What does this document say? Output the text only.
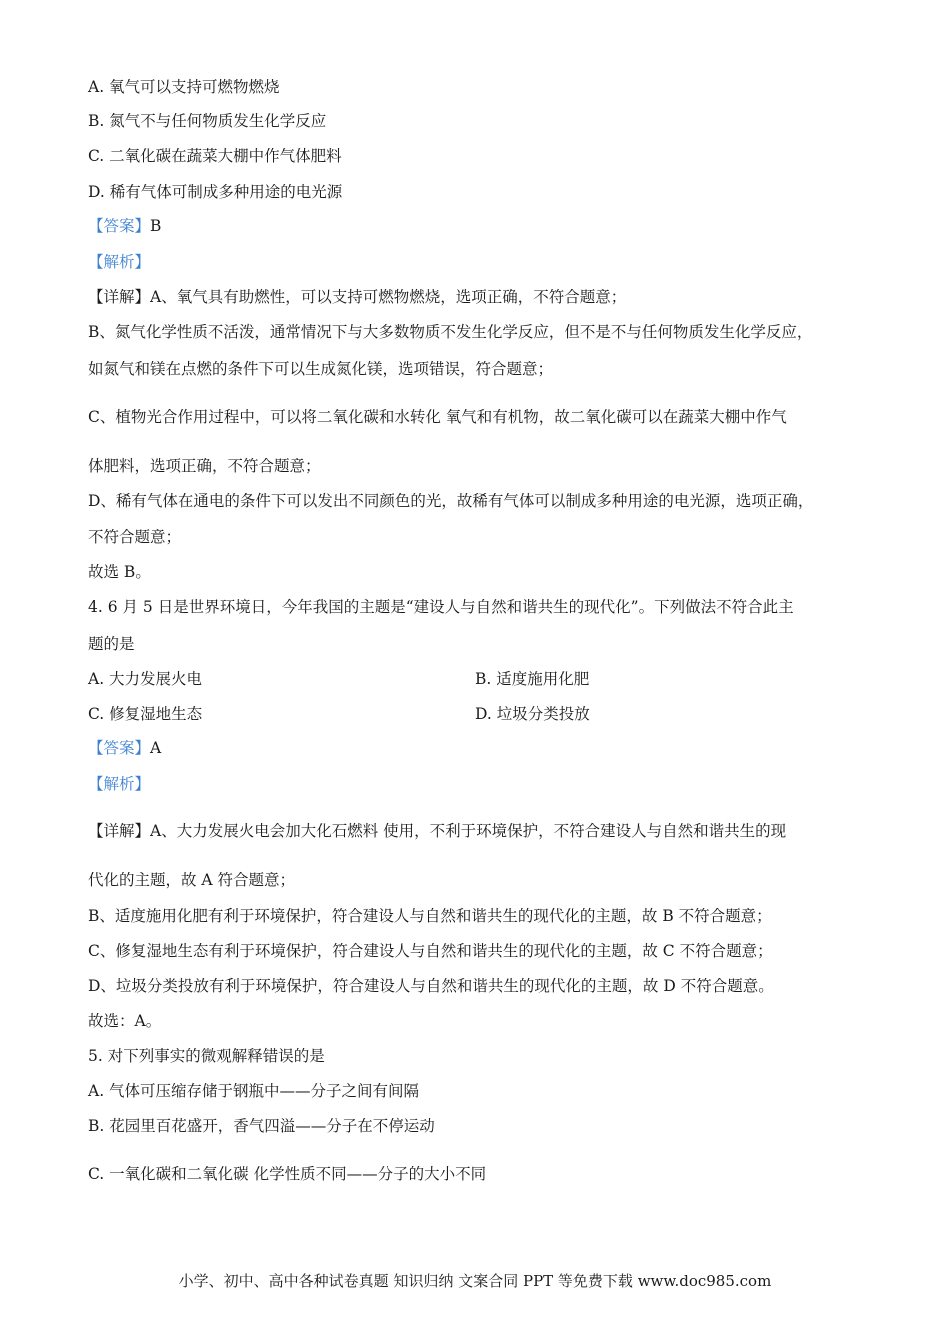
A. 氧气可以支持可燃物燃烧
B. 氮气不与任何物质发生化学反应
C. 二氧化碳在蔬菜大棚中作气体肥料
D. 稀有气体可制成多种用途的电光源
【答案】B
【解析】
【详解】A、氧气具有助燃性，可以支持可燃物燃烧，选项正确，不符合题意；
B、氮气化学性质不活泼，通常情况下与大多数物质不发生化学反应，但不是不与任何物质发生化学反应，
如氮气和镁在点燃的条件下可以生成氮化镁，选项错误，符合题意；
C、植物光合作用过程中，可以将二氧化碳和水转化 氧气和有机物，故二氧化碳可以在蔬菜大棚中作气
体肥料，选项正确，不符合题意；
D、稀有气体在通电的条件下可以发出不同颜色的光，故稀有气体可以制成多种用途的电光源，选项正确，
不符合题意；
故选 B。
4. 6 月 5 日是世界环境日，今年我国的主题是“建设人与自然和谐共生的现代化”。下列做法不符合此主
题的是
A. 大力发展火电	B. 适度施用化肥
C. 修复湿地生态	D. 垃圾分类投放
【答案】A
【解析】
【详解】A、大力发展火电会加大化石燃料 使用，不利于环境保护，不符合建设人与自然和谐共生的现
代化的主题，故 A 符合题意；
B、适度施用化肥有利于环境保护，符合建设人与自然和谐共生的现代化的主题，故 B 不符合题意；
C、修复湿地生态有利于环境保护，符合建设人与自然和谐共生的现代化的主题，故 C 不符合题意；
D、垃圾分类投放有利于环境保护，符合建设人与自然和谐共生的现代化的主题，故 D 不符合题意。
故选：A。
5. 对下列事实的微观解释错误的是
A. 气体可压缩存储于钢瓶中——分子之间有间隔
B. 花园里百花盛开，香气四溢——分子在不停运动
C. 一氧化碳和二氧化碳 化学性质不同——分子的大小不同
小学、初中、高中各种试卷真题 知识归纳 文案合同 PPT 等免费下载 www.doc985.com
